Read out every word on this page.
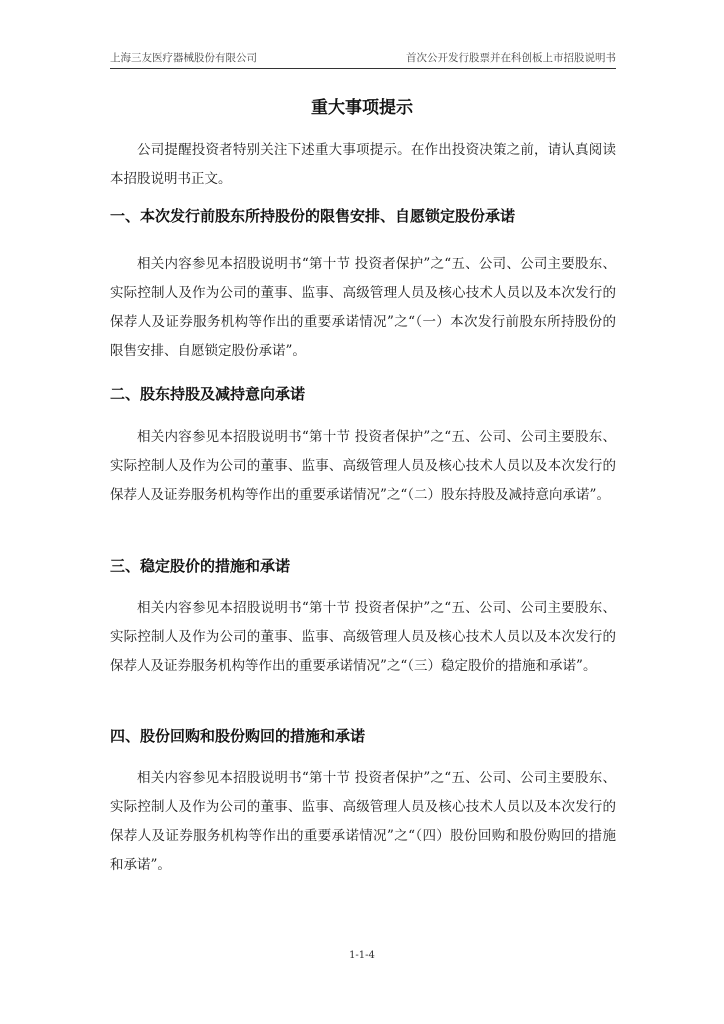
上海三友医疗器械股份有限公司	首次公开发行股票并在科创板上市招股说明书
重大事项提示

公司提醒投资者特别关注下述重大事项提示。在作出投资决策之前，请认真阅读本招股说明书正文。

一、本次发行前股东所持股份的限售安排、自愿锁定股份承诺

相关内容参见本招股说明书“第十节 投资者保护”之“五、公司、公司主要股东、实际控制人及作为公司的董事、监事、高级管理人员及核心技术人员以及本次发行的保荐人及证券服务机构等作出的重要承诺情况”之“（一）本次发行前股东所持股份的限售安排、自愿锁定股份承诺”。

二、股东持股及减持意向承诺

相关内容参见本招股说明书“第十节 投资者保护”之“五、公司、公司主要股东、实际控制人及作为公司的董事、监事、高级管理人员及核心技术人员以及本次发行的保荐人及证券服务机构等作出的重要承诺情况”之“（二）股东持股及减持意向承诺”。

三、稳定股价的措施和承诺

相关内容参见本招股说明书“第十节 投资者保护”之“五、公司、公司主要股东、实际控制人及作为公司的董事、监事、高级管理人员及核心技术人员以及本次发行的保荐人及证券服务机构等作出的重要承诺情况”之“（三）稳定股价的措施和承诺”。

四、股份回购和股份购回的措施和承诺

相关内容参见本招股说明书“第十节 投资者保护”之“五、公司、公司主要股东、实际控制人及作为公司的董事、监事、高级管理人员及核心技术人员以及本次发行的保荐人及证券服务机构等作出的重要承诺情况”之“（四）股份回购和股份购回的措施和承诺”。

1-1-4
